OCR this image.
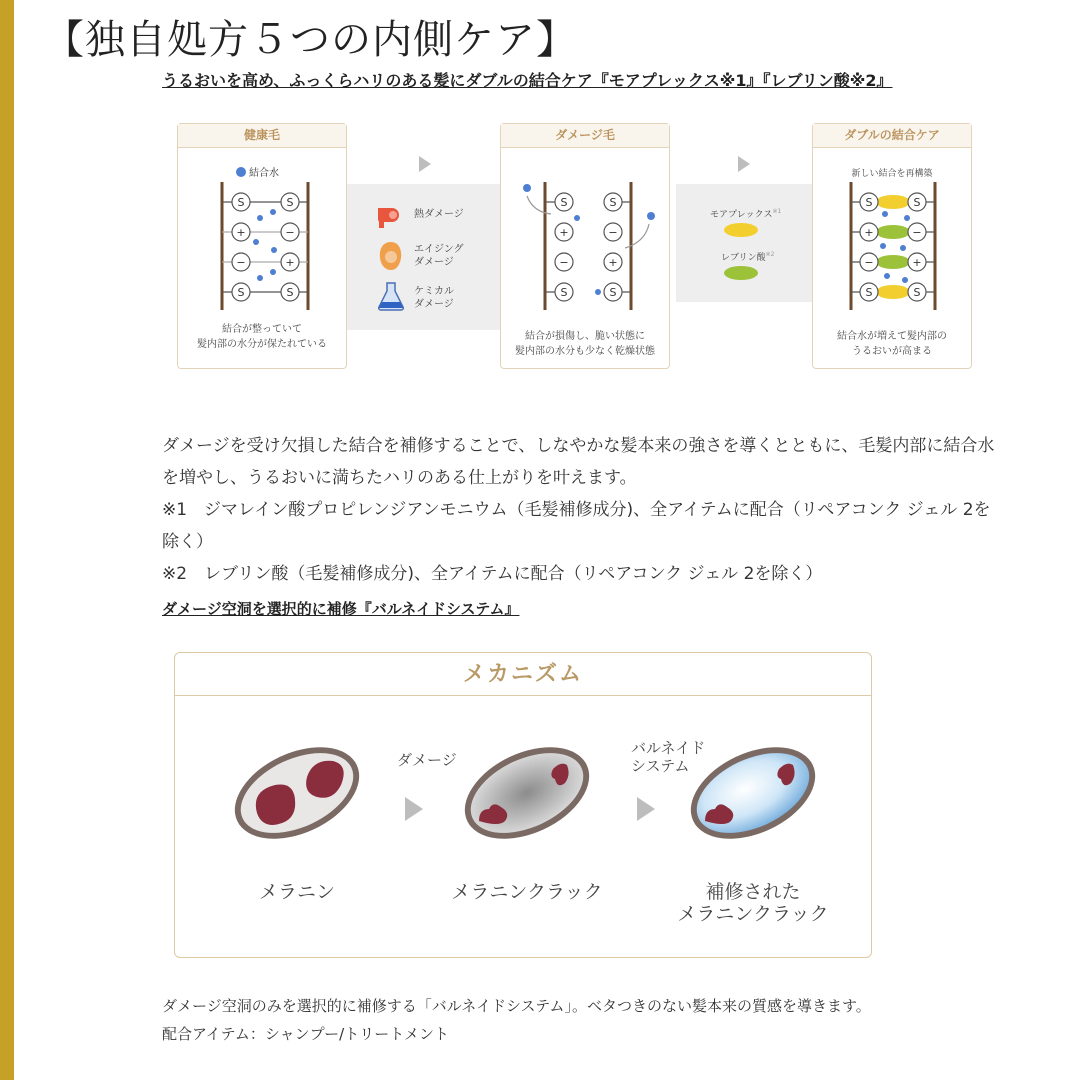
【独自処方５つの内側ケア】
うるおいを高め、ふっくらハリのある髪にダブルの結合ケア『モアプレックス※1』『レブリン酸※2』
健康毛
結合水
S	S
+	−
−	+
S	S
結合が整っていて
髪内部の水分が保たれている
熱ダメージ
エイジング
ダメージ
ケミカル
ダメージ
ダメージ毛
S	S
+	−
−	+
S	S
結合が損傷し、脆い状態に
髪内部の水分も少なく乾燥状態
モアプレックス$^{※1}$
レブリン酸$^{※2}$
ダブルの結合ケア
新しい結合を再構築
S	S
+	−
−	+
S	S
結合水が増えて髪内部の
うるおいが高まる

ダメージを受け欠損した結合を補修することで、しなやかな髪本来の強さを導くとともに、毛髪内部に結合水を増やし、うるおいに満ちたハリのある仕上がりを叶えます。

※1　ジマレイン酸プロピレンジアンモニウム（毛髪補修成分)、全アイテムに配合（リペアコンク ジェル 2を除く）

※2　レブリン酸（毛髪補修成分)、全アイテムに配合（リペアコンク ジェル 2を除く）

ダメージ空洞を選択的に補修『バルネイドシステム』
メカニズム
ダメージ
バルネイド
システム
メラニン	メラニンクラック	補修された
メラニンクラック

ダメージ空洞のみを選択的に補修する「バルネイドシステム」。ベタつきのない髪本来の質感を導きます。

配合アイテム：シャンプー/トリートメント
